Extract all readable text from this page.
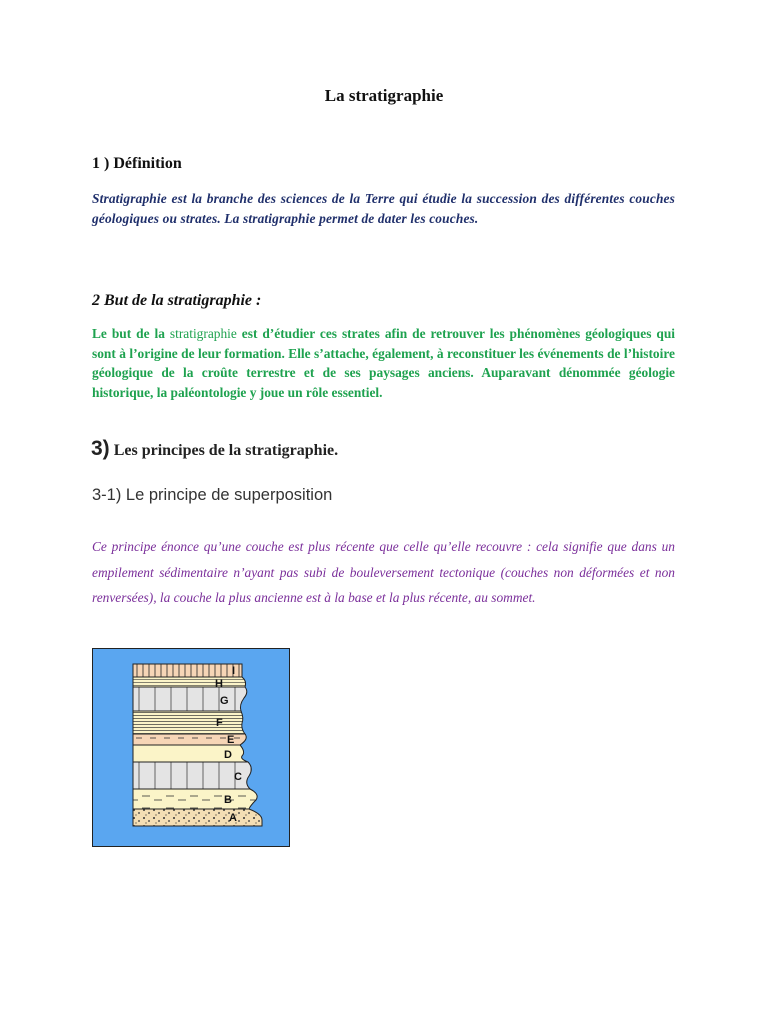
La stratigraphie
1 ) Définition
Stratigraphie est la branche des sciences de la Terre qui étudie la succession des différentes couches géologiques ou strates. La stratigraphie permet de dater les couches.
2 But de la stratigraphie :
Le but de la stratigraphie est d’étudier ces strates afin de retrouver les phénomènes géologiques qui sont à l’origine de leur formation. Elle s’attache, également, à reconstituer les événements de l’histoire géologique de la croûte terrestre et de ses paysages anciens. Auparavant dénommée géologie historique, la paléontologie y joue un rôle essentiel.
3) Les principes de la stratigraphie.
3-1) Le principe de superposition
Ce principe énonce qu’une couche est plus récente que celle qu’elle recouvre : cela signifie que dans un empilement sédimentaire n’ayant pas subi de bouleversement tectonique (couches non déformées et non renversées), la couche la plus ancienne est à la base et la plus récente, au sommet.
I
H
G
F
E
D
C
B
A
